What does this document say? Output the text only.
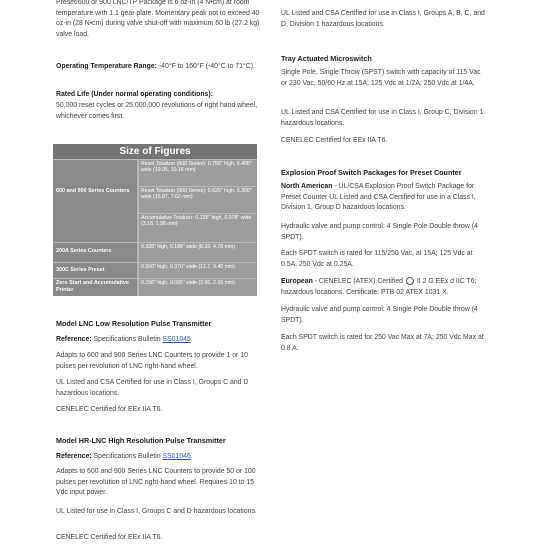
Preset/600 or 900 LNC/TP Package is 6 oz-in (4 N•cm) at room temperature with 1.1 gear plate. Momentary peak not to exceed 40 oz-in (28 N•cm) during valve shut-off with maximum 60 lb (27.2 kg) valve load.

Operating Temperature Range: -40°F to 160°F (-40°C to 71°C).

Rated Life (Under normal operating conditions):

50,000 reset cycles or 25,000,000 revolutions of right hand wheel, whichever comes first.

Size of Figures
600 and 900 Series Counters
Reset Totalizer (600 Series): 0.750" high, 0.400" wide (19.05, 10.16 mm)
Reset Totalizer (900 Series): 0.625" high, 0.300" wide (15.87, 7.62 mm)
Accumulative Totalizer: 0.125" high, 0.078" wide (3.18, 1.98 mm)
200A Series Counters
0.328" high, 0.188" wide (8.33, 4.78 mm)
300C Series Preset	0.500" high, 0.370" wide (12.7, 9.40 mm)
Zero Start and Accumulative Printer
0.156" high, 0.085" wide (3.96, 2.16 mm)
Model LNC Low Resolution Pulse Transmitter

Reference: Specifications Bulletin SS01045.

Adapts to 600 and 900 Series LNC Counters to provide 1 or 10 pulses per revolution of LNC right-hand wheel.

UL Listed and CSA Certified for use in Class I, Groups C and D hazardous locations.

CENELEC Certified for EEx IIA T6.

Model HR-LNC High Resolution Pulse Transmitter

Reference: Specifications Bulletin SS01046.

Adapts to 600 and 900 Series LNC Counters to provide 50 or 100 pulses per revolution of LNC right-hand wheel. Requires 10 to 15 Vdc input power.

UL Listed for use in Class I, Groups C and D hazardous locations.

CENELEC Certified for EEx IIA T6.

UL Listed and CSA Certified for use in Class I, Groups A, B, C, and D, Division 1 hazardous locations.

Tray Actuated Microswitch

Single Pole, Single Throw (SPST) switch with capacity of 115 Vac or 230 Vac, 50/60 Hz at 15A; 125 Vdc at 1/2A; 250 Vdc at 1/4A.

UL Listed and CSA Certified for use in Class I, Group C, Division 1 hazardous locations.

CENELEC Certified for EEx IIA T6.

Explosion Proof Switch Packages for Preset Counter

North American - UL/CSA Explosion Proof Switch Package for Preset Counter UL Listed and CSA Certified for use in a Class I, Division 1, Group D hazardous locations.

Hydraulic valve and pump control: 4 Single Pole Double throw (4 SPDT).

Each SPDT switch is rated for 115/250 Vac, at 15A; 125 Vdc at 0.5A, 250 Vdc at 0.25A.

European - CENELEC (ATEX) Certified  II 2 G EEx d IIC T6; hazardous locations. Certificate: PTB 02 ATEX 1031 X.

Hydraulic valve and pump control: 4 Single Pole Double throw (4 SPDT).

Each SPDT switch is rated for 250 Vac Max at 7A; 250 Vdc Max at 0.8 A.
